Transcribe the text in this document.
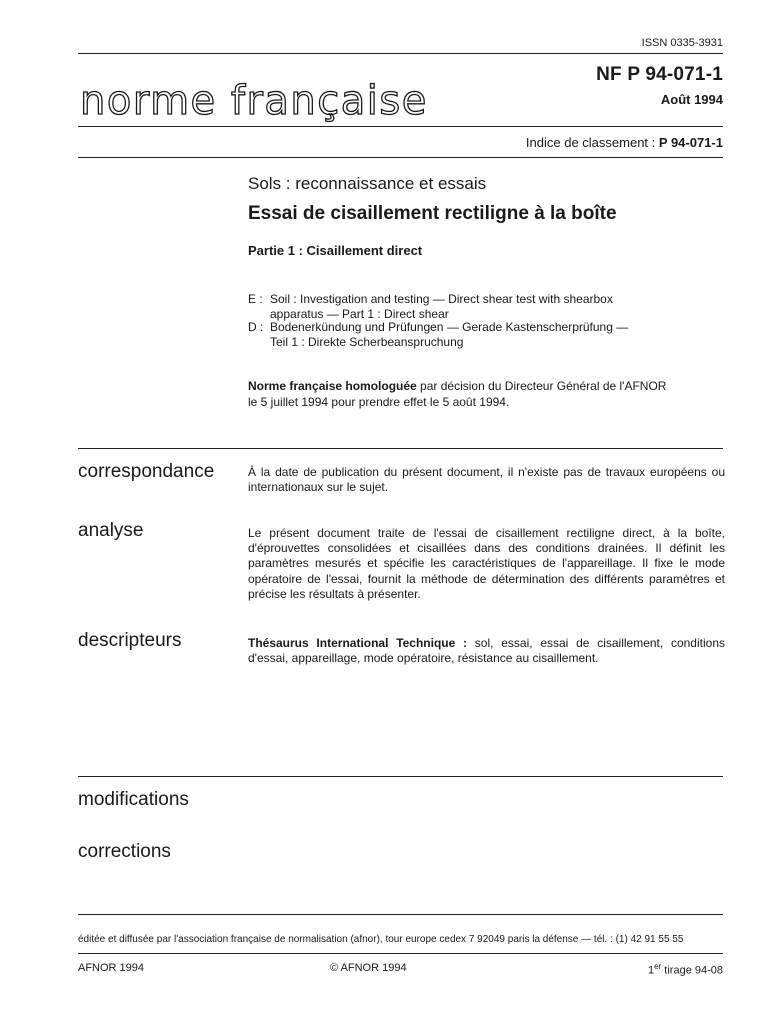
ISSN 0335-3931
norme française
NF P 94-071-1
Août 1994
Indice de classement : P 94-071-1
Sols : reconnaissance et essais
Essai de cisaillement rectiligne à la boîte
Partie 1 : Cisaillement direct
E : Soil : Investigation and testing — Direct shear test with shearbox
apparatus — Part 1 : Direct shear
D : Bodenerkündung und Prüfungen — Gerade Kastenscherprüfung —
Teil 1 : Direkte Scherbeanspruchung
Norme française homologuée par décision du Directeur Général de l'AFNOR
le 5 juillet 1994 pour prendre effet le 5 août 1994.
correspondance	À la date de publication du présent document, il n'existe pas de travaux européens ou internationaux sur le sujet.
analyse	Le présent document traite de l'essai de cisaillement rectiligne direct, à la boîte, d'éprouvettes consolidées et cisaillées dans des conditions drainées. Il définit les paramètres mesurés et spécifie les caractéristiques de l'appareillage. Il fixe le mode opératoire de l'essai, fournit la méthode de détermination des différents paramètres et précise les résultats à présenter.
descripteurs	Thésaurus International Technique : sol, essai, essai de cisaillement, conditions d'essai, appareillage, mode opératoire, résistance au cisaillement.
modifications
corrections
éditée et diffusée par l'association française de normalisation (afnor), tour europe cedex 7 92049 paris la défense — tél. : (1) 42 91 55 55
AFNOR 1994	© AFNOR 1994	1er tirage 94-08
